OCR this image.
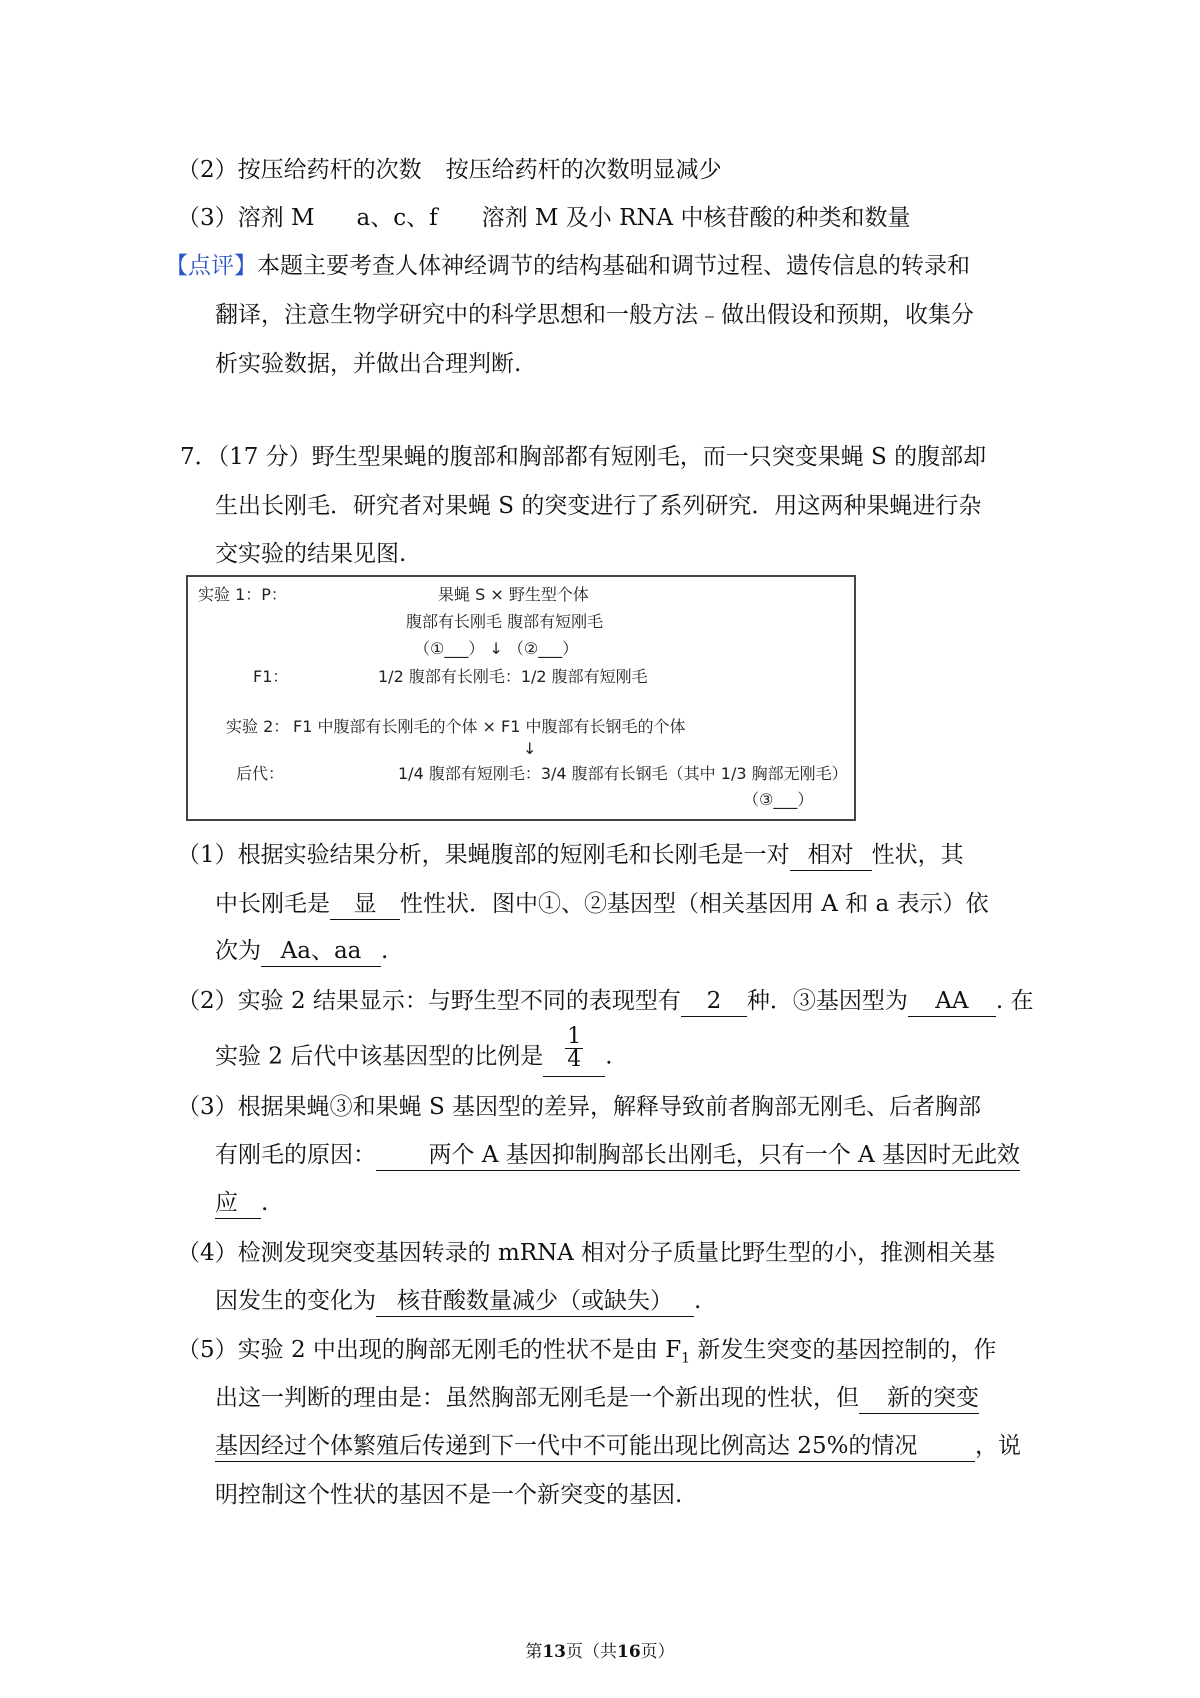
（2）按压给药杆的次数 按压给药杆的次数明显减少
（3）溶剂 M a、c、f 溶剂 M 及小 RNA 中核苷酸的种类和数量
【点评】本题主要考查人体神经调节的结构基础和调节过程、遗传信息的转录和
翻译，注意生物学研究中的科学思想和一般方法﹣做出假设和预期，收集分
析实验数据，并做出合理判断.
7．（17 分）野生型果蝇的腹部和胸部都有短刚毛，而一只突变果蝇 S 的腹部却
生出长刚毛．研究者对果蝇 S 的突变进行了系列研究．用这两种果蝇进行杂
交实验的结果见图.
实验 1：P：	果蝇 S × 野生型个体
腹部有长刚毛 腹部有短刚毛
（①___） ↓ （②___）
F1：	1/2 腹部有长刚毛：1/2 腹部有短刚毛
实验 2： F1 中腹部有长刚毛的个体 × F1 中腹部有长钢毛的个体
↓
后代：	1/4 腹部有短刚毛：3/4 腹部有长钢毛（其中 1/3 胸部无刚毛）
（③___）
（1）根据实验结果分析，果蝇腹部的短刚毛和长刚毛是一对 相对 性状，其
中长刚毛是 显 性性状．图中①、②基因型（相关基因用 A 和 a 表示）依
次为 Aa、aa .
（2）实验 2 结果显示：与野生型不同的表现型有 2 种．③基因型为 AA . 在
实验 2 后代中该基因型的比例是 $\frac{1}{4}$ .
（3）根据果蝇③和果蝇 S 基因型的差异，解释导致前者胸部无刚毛、后者胸部
有刚毛的原因： 两个 A 基因抑制胸部长出刚毛，只有一个 A 基因时无此效
应 .
（4）检测发现突变基因转录的 mRNA 相对分子质量比野生型的小，推测相关基
因发生的变化为 核苷酸数量减少（或缺失） .
（5）实验 2 中出现的胸部无刚毛的性状不是由 $F_1$ 新发生突变的基因控制的，作
出这一判断的理由是：虽然胸部无刚毛是一个新出现的性状，但 新的突变
基因经过个体繁殖后传递到下一代中不可能出现比例高达 25%的情况	，说
明控制这个性状的基因不是一个新突变的基因.
第13页（共16页）
